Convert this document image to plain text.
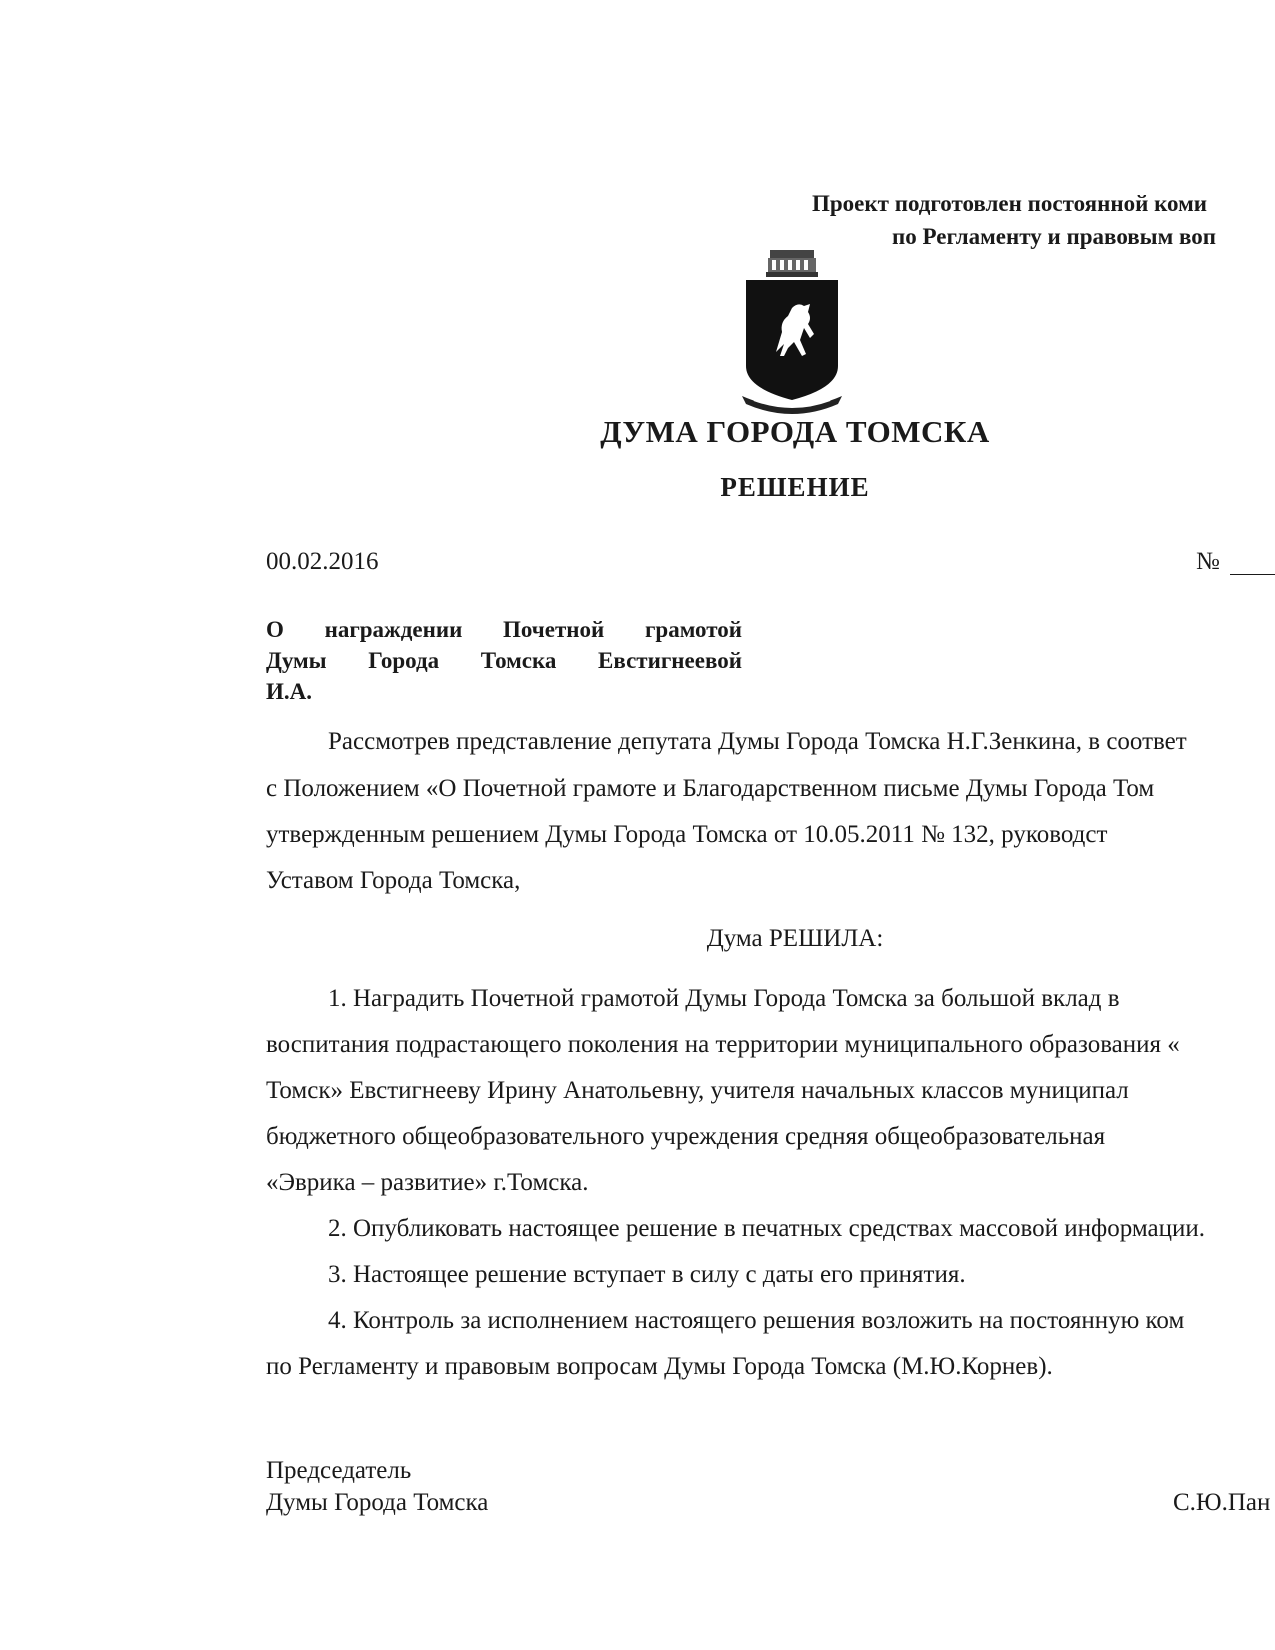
Проект подготовлен постоянной коми
по Регламенту и правовым воп
ДУМА ГОРОДА ТОМСКА
РЕШЕНИЕ
00.02.2016	№
О награждении Почетной грамотой
Думы Города Томска Евстигнеевой
И.А.
Рассмотрев представление депутата Думы Города Томска Н.Г.Зенкина, в соответ
с Положением «О Почетной грамоте и Благодарственном письме Думы Города Том
утвержденным решением Думы Города Томска от 10.05.2011 № 132, руководст
Уставом Города Томска,
Дума РЕШИЛА:
1. Наградить Почетной грамотой Думы Города Томска за большой вклад в
воспитания подрастающего поколения на территории муниципального образования «
Томск» Евстигнееву Ирину Анатольевну, учителя начальных классов муниципал
бюджетного общеобразовательного учреждения средняя общеобразовательная
«Эврика – развитие» г.Томска.
2. Опубликовать настоящее решение в печатных средствах массовой информации.
3. Настоящее решение вступает в силу с даты его принятия.
4. Контроль за исполнением настоящего решения возложить на постоянную ком
по Регламенту и правовым вопросам Думы Города Томска (М.Ю.Корнев).
Председатель
Думы Города Томска	С.Ю.Пан
